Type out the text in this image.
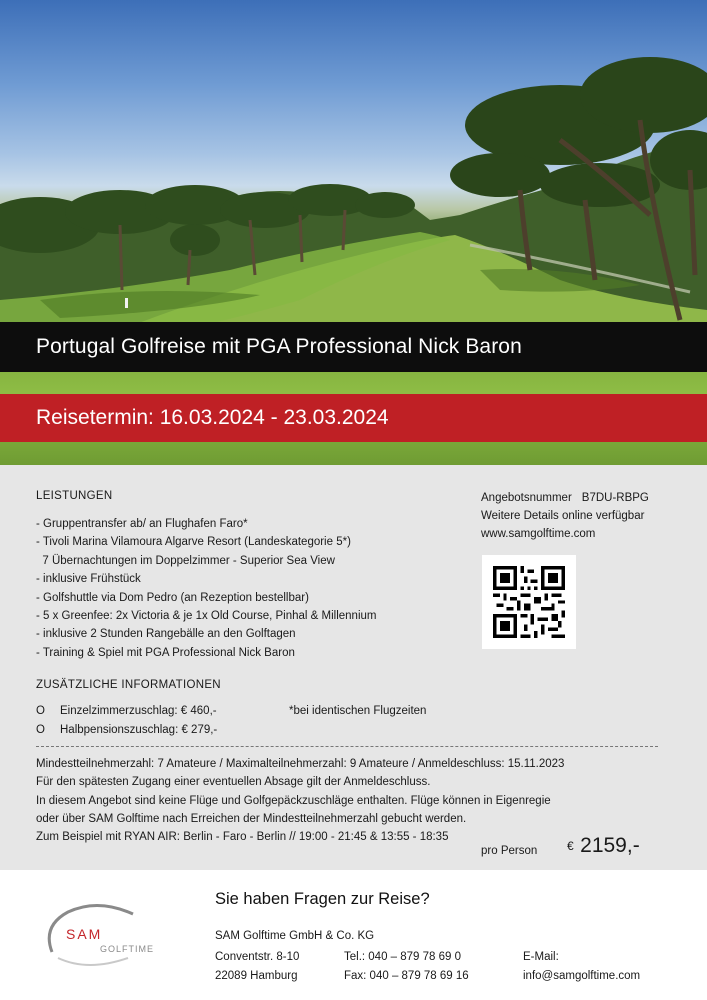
Portugal Golfreise mit PGA Professional Nick Baron
Reisetermin: 16.03.2024 - 23.03.2024
LEISTUNGEN
- Gruppentransfer ab/ an Flughafen Faro*
- Tivoli Marina Vilamoura Algarve Resort (Landeskategorie 5*)
7 Übernachtungen im Doppelzimmer - Superior Sea View
- inklusive Frühstück
- Golfshuttle via Dom Pedro (an Rezeption bestellbar)
- 5 x Greenfee: 2x Victoria & je 1x Old Course, Pinhal & Millennium
- inklusive 2 Stunden Rangebälle an den Golftagen
- Training & Spiel mit PGA Professional Nick Baron
Angebotsnummer B7DU-RBPG
Weitere Details online verfügbar
www.samgolftime.com
ZUSÄTZLICHE INFORMATIONEN
O Einzelzimmerzuschlag: € 460,-	*bei identischen Flugzeiten
O Halbpensionszuschlag: € 279,-
Mindestteilnehmerzahl: 7 Amateure / Maximalteilnehmerzahl: 9 Amateure / Anmeldeschluss: 15.11.2023
Für den spätesten Zugang einer eventuellen Absage gilt der Anmeldeschluss.
In diesem Angebot sind keine Flüge und Golfgepäckzuschläge enthalten. Flüge können in Eigenregie
oder über SAM Golftime nach Erreichen der Mindestteilnehmerzahl gebucht werden.
Zum Beispiel mit RYAN AIR: Berlin - Faro - Berlin // 19:00 - 21:45 & 13:55 - 18:35
pro Person € 2159,-
SAM
GOLFTIME
Sie haben Fragen zur Reise?
SAM Golftime GmbH & Co. KG
Conventstr. 8-10
22089 Hamburg
Tel.: 040 – 879 78 69 0
Fax: 040 – 879 78 69 16
E-Mail:
info@samgolftime.com
